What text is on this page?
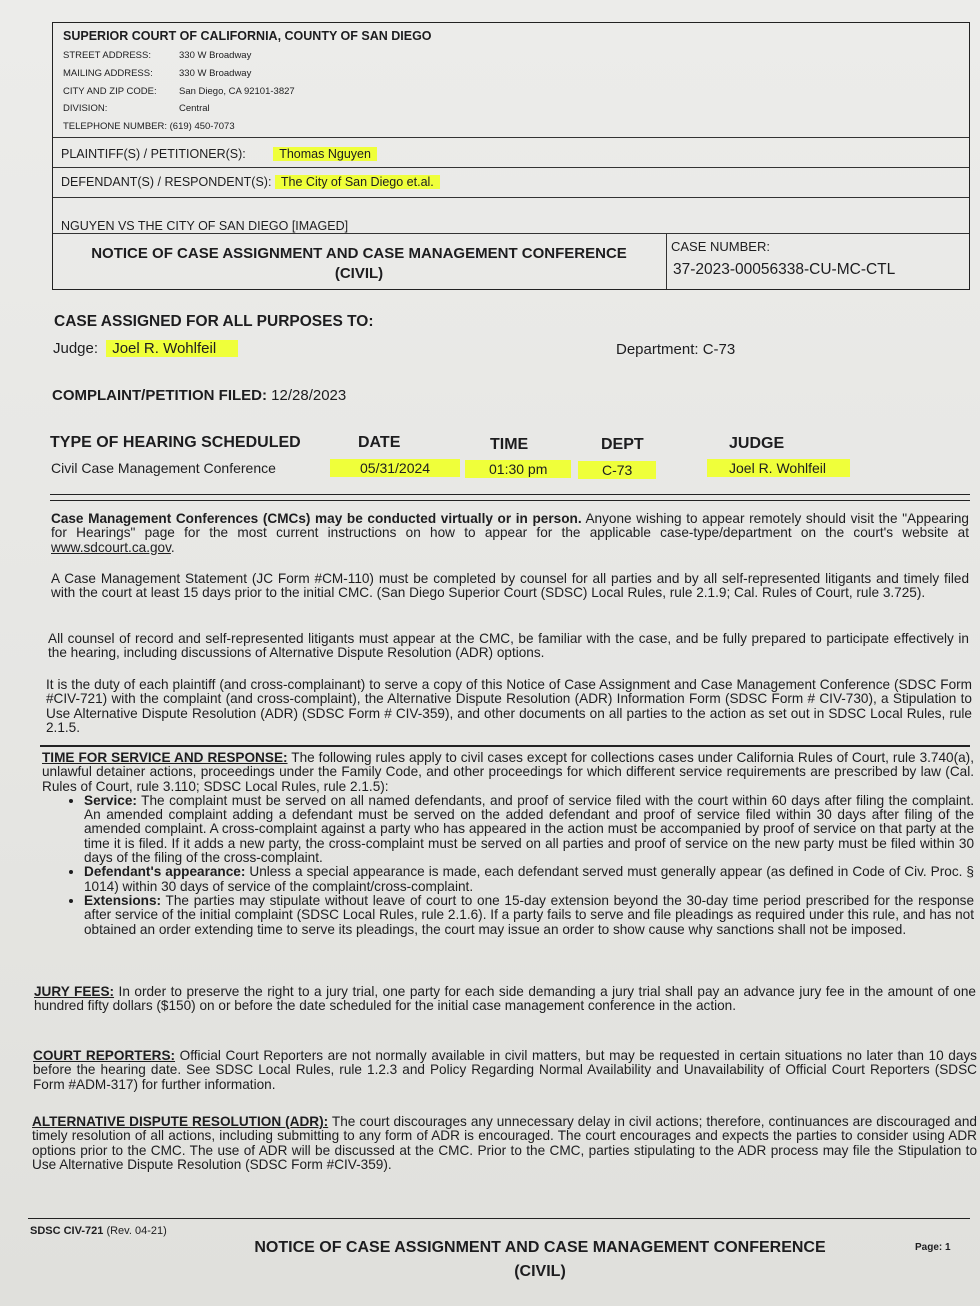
SUPERIOR COURT OF CALIFORNIA, COUNTY OF SAN DIEGO
STREET ADDRESS:	330 W Broadway
MAILING ADDRESS:	330 W Broadway
CITY AND ZIP CODE: San Diego, CA 92101-3827
DIVISION:	Central
TELEPHONE NUMBER: (619) 450-7073
PLAINTIFF(S) / PETITIONER(S):	Thomas Nguyen
DEFENDANT(S) / RESPONDENT(S): The City of San Diego et.al.
NGUYEN VS THE CITY OF SAN DIEGO [IMAGED]
NOTICE OF CASE ASSIGNMENT AND CASE MANAGEMENT CONFERENCE
(CIVIL)
CASE NUMBER:
37-2023-00056338-CU-MC-CTL
CASE ASSIGNED FOR ALL PURPOSES TO:
Judge: Joel R. Wohlfeil	Department: C-73
COMPLAINT/PETITION FILED: 12/28/2023
TYPE OF HEARING SCHEDULED	DATE	TIME	DEPT	JUDGE
Civil Case Management Conference	05/31/2024	01:30 pm	C-73	Joel R. Wohlfeil

Case Management Conferences (CMCs) may be conducted virtually or in person. Anyone wishing to appear remotely should visit the "Appearing for Hearings" page for the most current instructions on how to appear for the applicable case-type/department on the court's website at www.sdcourt.ca.gov.

A Case Management Statement (JC Form #CM-110) must be completed by counsel for all parties and by all self-represented litigants and timely filed with the court at least 15 days prior to the initial CMC. (San Diego Superior Court (SDSC) Local Rules, rule 2.1.9; Cal. Rules of Court, rule 3.725).
All counsel of record and self-represented litigants must appear at the CMC, be familiar with the case, and be fully prepared to participate effectively in the hearing, including discussions of Alternative Dispute Resolution (ADR) options.
It is the duty of each plaintiff (and cross-complainant) to serve a copy of this Notice of Case Assignment and Case Management Conference (SDSC Form #CIV-721) with the complaint (and cross-complaint), the Alternative Dispute Resolution (ADR) Information Form (SDSC Form # CIV-730), a Stipulation to Use Alternative Dispute Resolution (ADR) (SDSC Form # CIV-359), and other documents on all parties to the action as set out in SDSC Local Rules, rule 2.1.5.

TIME FOR SERVICE AND RESPONSE: The following rules apply to civil cases except for collections cases under California Rules of Court, rule 3.740(a), unlawful detainer actions, proceedings under the Family Code, and other proceedings for which different service requirements are prescribed by law (Cal. Rules of Court, rule 3.110; SDSC Local Rules, rule 2.1.5):

• Service: The complaint must be served on all named defendants, and proof of service filed with the court within 60 days after filing the complaint. An amended complaint adding a defendant must be served on the added defendant and proof of service filed within 30 days after filing of the amended complaint. A cross-complaint against a party who has appeared in the action must be accompanied by proof of service on that party at the time it is filed. If it adds a new party, the cross-complaint must be served on all parties and proof of service on the new party must be filed within 30 days of the filing of the cross-complaint.
• Defendant's appearance: Unless a special appearance is made, each defendant served must generally appear (as defined in Code of Civ. Proc. § 1014) within 30 days of service of the complaint/cross-complaint.
• Extensions: The parties may stipulate without leave of court to one 15-day extension beyond the 30-day time period prescribed for the response after service of the initial complaint (SDSC Local Rules, rule 2.1.6). If a party fails to serve and file pleadings as required under this rule, and has not obtained an order extending time to serve its pleadings, the court may issue an order to show cause why sanctions shall not be imposed.

JURY FEES: In order to preserve the right to a jury trial, one party for each side demanding a jury trial shall pay an advance jury fee in the amount of one hundred fifty dollars ($150) on or before the date scheduled for the initial case management conference in the action.

COURT REPORTERS: Official Court Reporters are not normally available in civil matters, but may be requested in certain situations no later than 10 days before the hearing date. See SDSC Local Rules, rule 1.2.3 and Policy Regarding Normal Availability and Unavailability of Official Court Reporters (SDSC Form #ADM-317) for further information.

ALTERNATIVE DISPUTE RESOLUTION (ADR): The court discourages any unnecessary delay in civil actions; therefore, continuances are discouraged and timely resolution of all actions, including submitting to any form of ADR is encouraged. The court encourages and expects the parties to consider using ADR options prior to the CMC. The use of ADR will be discussed at the CMC. Prior to the CMC, parties stipulating to the ADR process may file the Stipulation to Use Alternative Dispute Resolution (SDSC Form #CIV-359).

SDSC CIV-721 (Rev. 04-21)
NOTICE OF CASE ASSIGNMENT AND CASE MANAGEMENT CONFERENCE
(CIVIL)
Page: 1
